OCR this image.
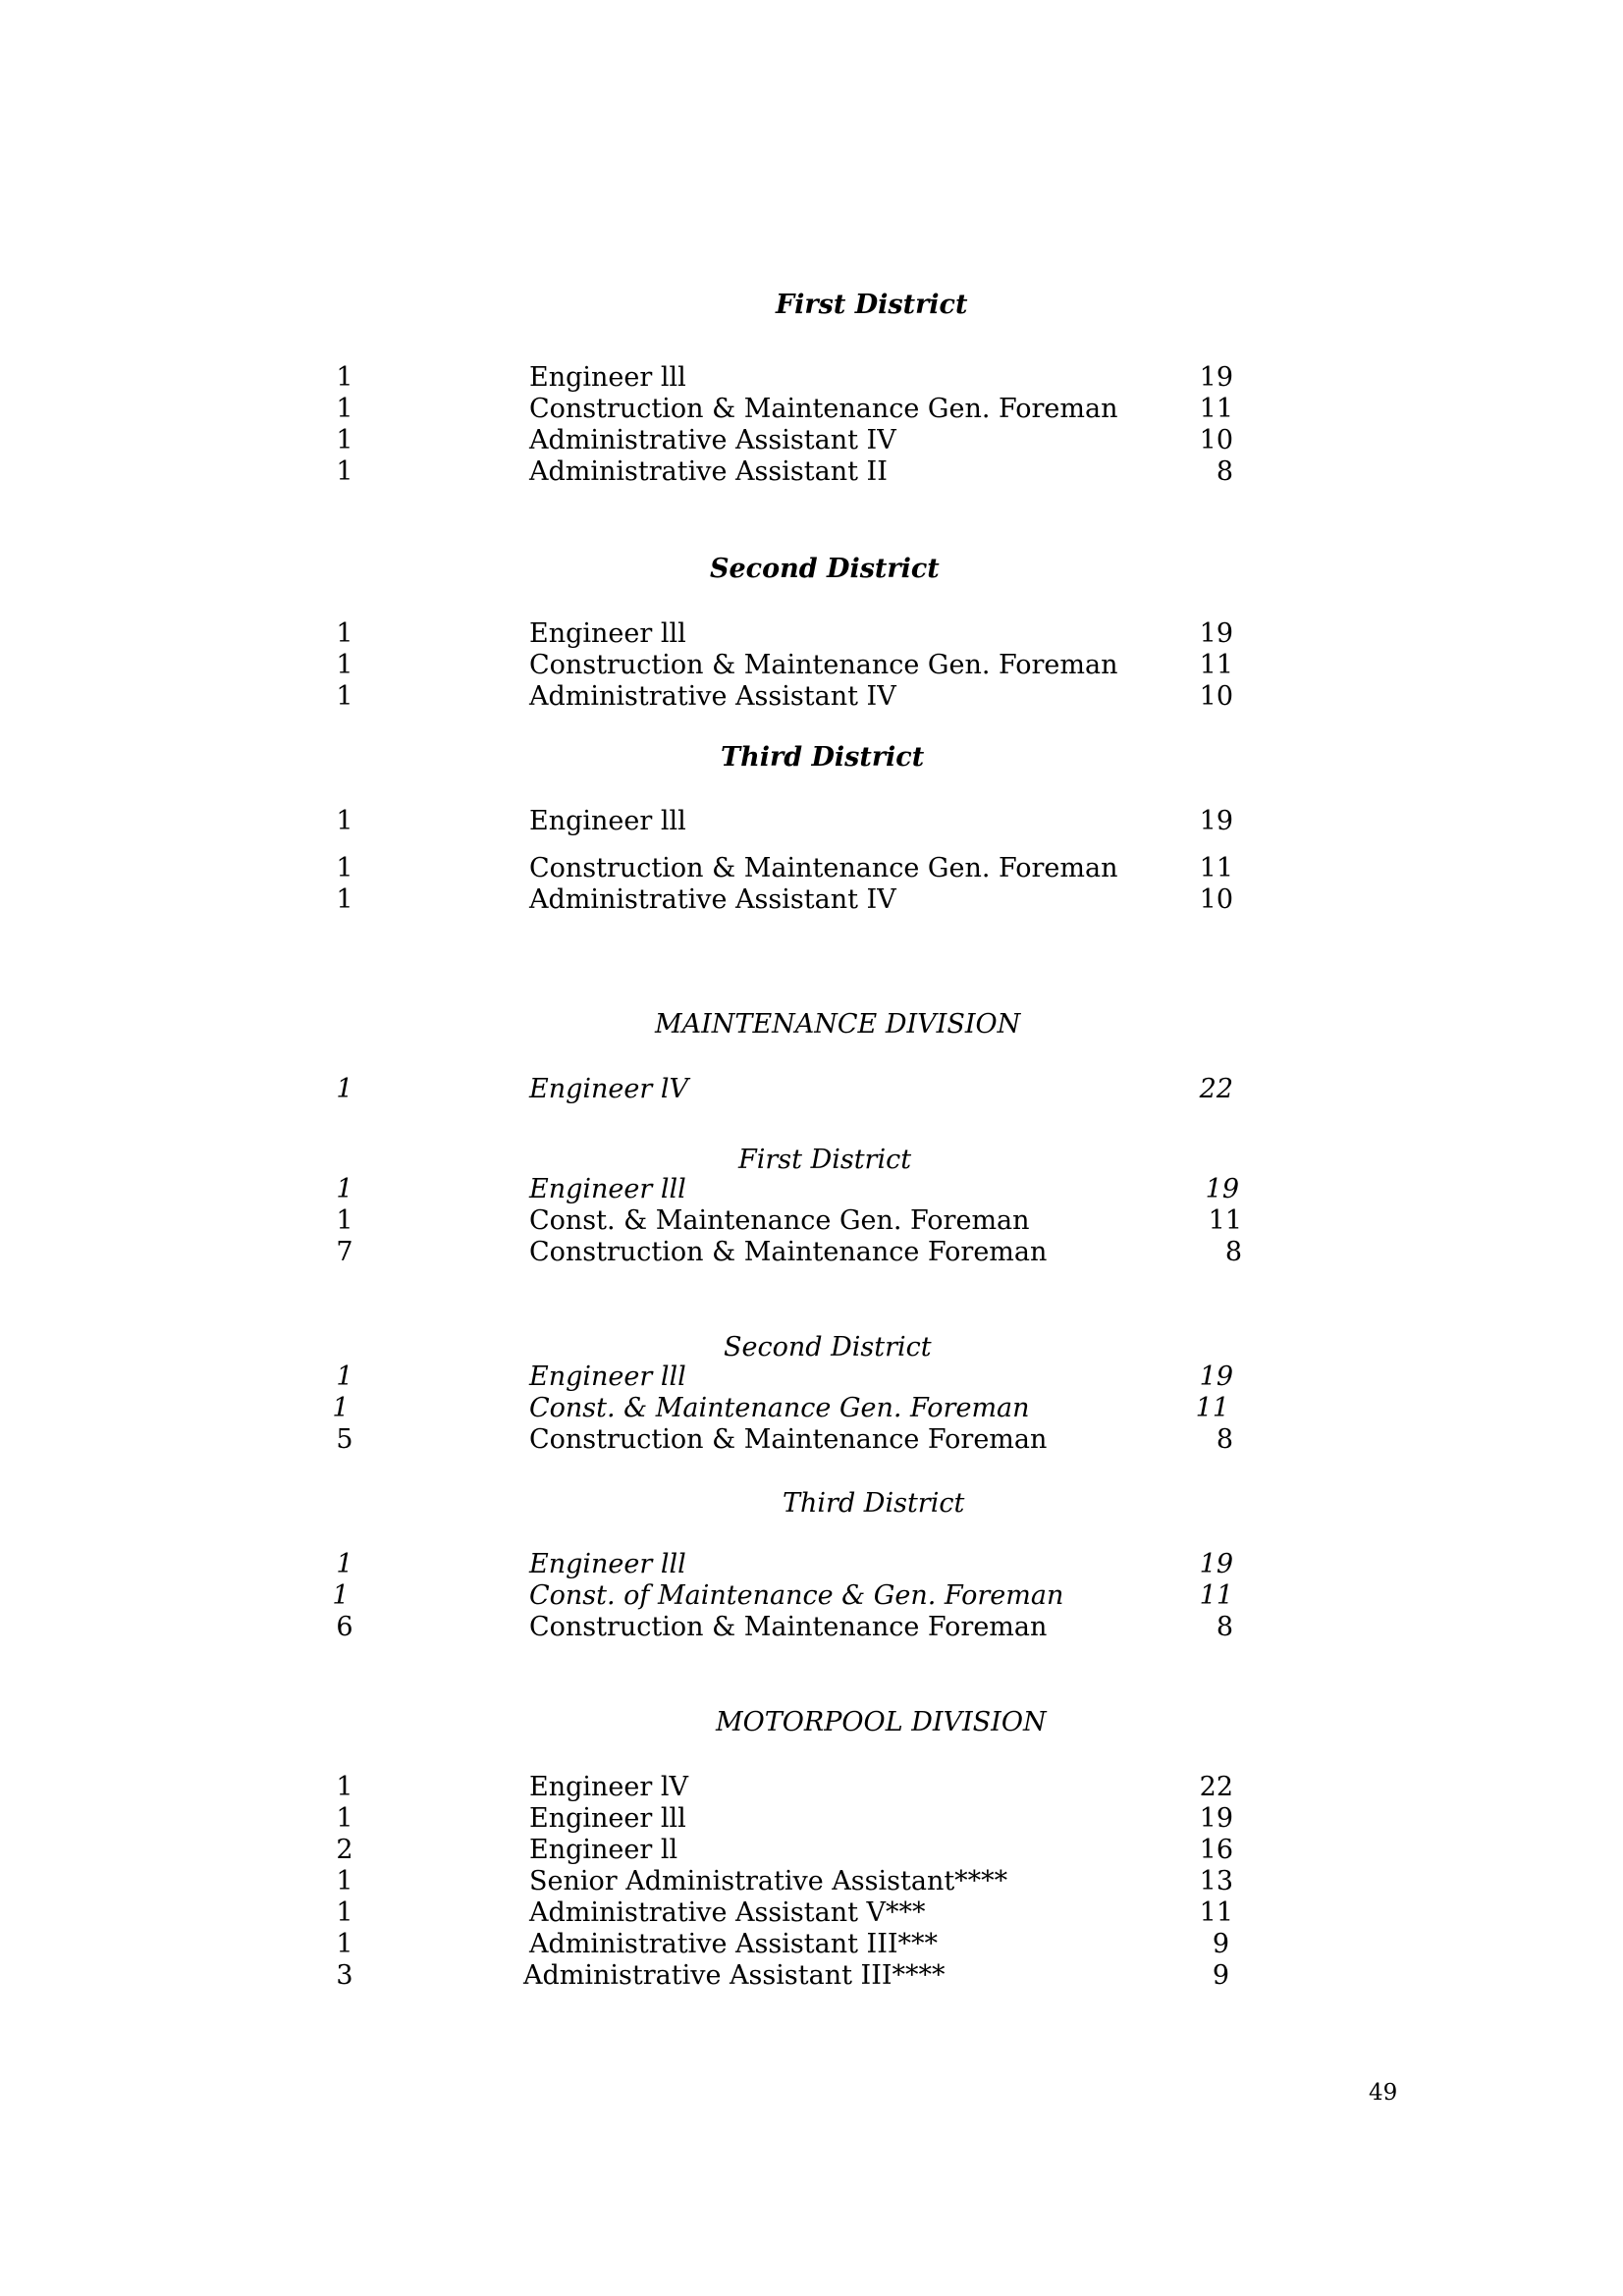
First District
1	Engineer lll	19
1	Construction & Maintenance Gen. Foreman	11
1	Administrative Assistant IV	10
1	Administrative Assistant II	8
Second District
1	Engineer lll	19
1	Construction & Maintenance Gen. Foreman	11
1	Administrative Assistant IV	10
Third District
1	Engineer lll	19
1	Construction & Maintenance Gen. Foreman	11
1	Administrative Assistant IV	10
MAINTENANCE DIVISION
1	Engineer lV	22
First District
1	Engineer lll	19
1	Const. & Maintenance Gen. Foreman	11
7	Construction & Maintenance Foreman	8
Second District
1	Engineer lll	19
1	Const. & Maintenance Gen. Foreman	11
5	Construction & Maintenance Foreman	8
Third District
1	Engineer lll	19
1	Const. of Maintenance & Gen. Foreman	11
6	Construction & Maintenance Foreman	8
MOTORPOOL DIVISION
1	Engineer lV	22
1	Engineer lll	19
2	Engineer ll	16
1	Senior Administrative Assistant****	13
1	Administrative Assistant V***	11
1	Administrative Assistant III***	9
3	Administrative Assistant III****	9
49
